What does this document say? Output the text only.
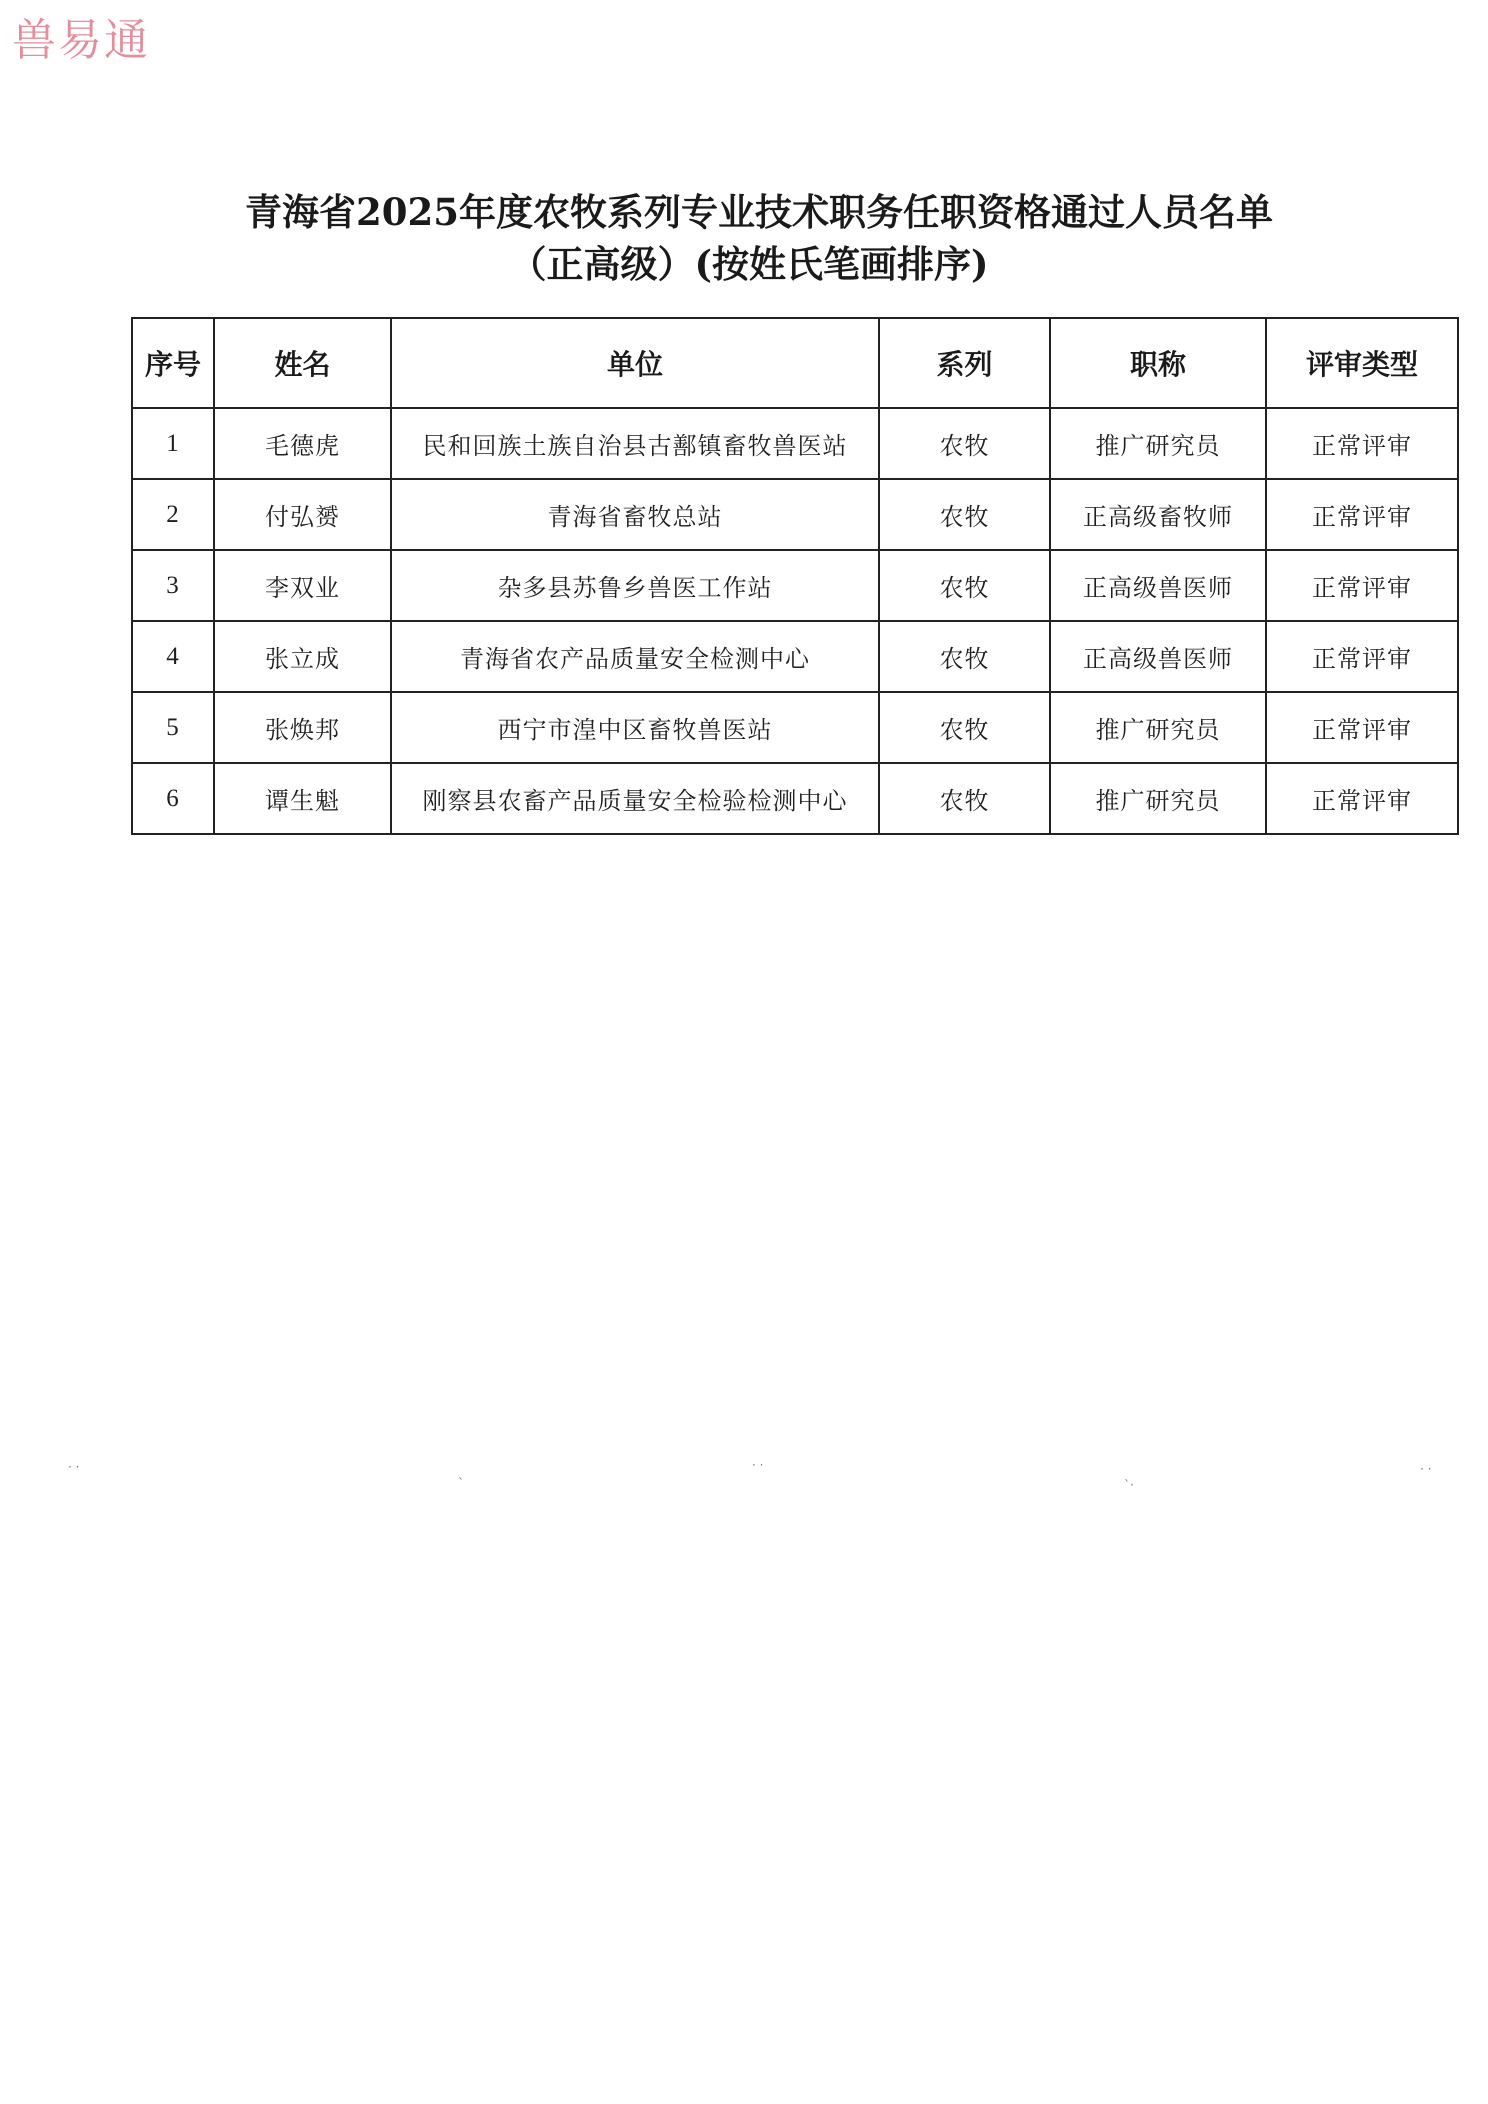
兽易通
青海省2025年度农牧系列专业技术职务任职资格通过人员名单
（正高级）(按姓氏笔画排序)
序号	姓名	单位	系列	职称	评审类型
1	毛德虎	民和回族土族自治县古鄯镇畜牧兽医站	农牧	推广研究员	正常评审
2	付弘赟	青海省畜牧总站	农牧	正高级畜牧师	正常评审
3	李双业	杂多县苏鲁乡兽医工作站	农牧	正高级兽医师	正常评审
4	张立成	青海省农产品质量安全检测中心	农牧	正高级兽医师	正常评审
5	张焕邦	西宁市湟中区畜牧兽医站	农牧	推广研究员	正常评审
6	谭生魁	刚察县农畜产品质量安全检验检测中心	农牧	推广研究员	正常评审
· ·
ˋ
· ·
ˋ·
· ·
